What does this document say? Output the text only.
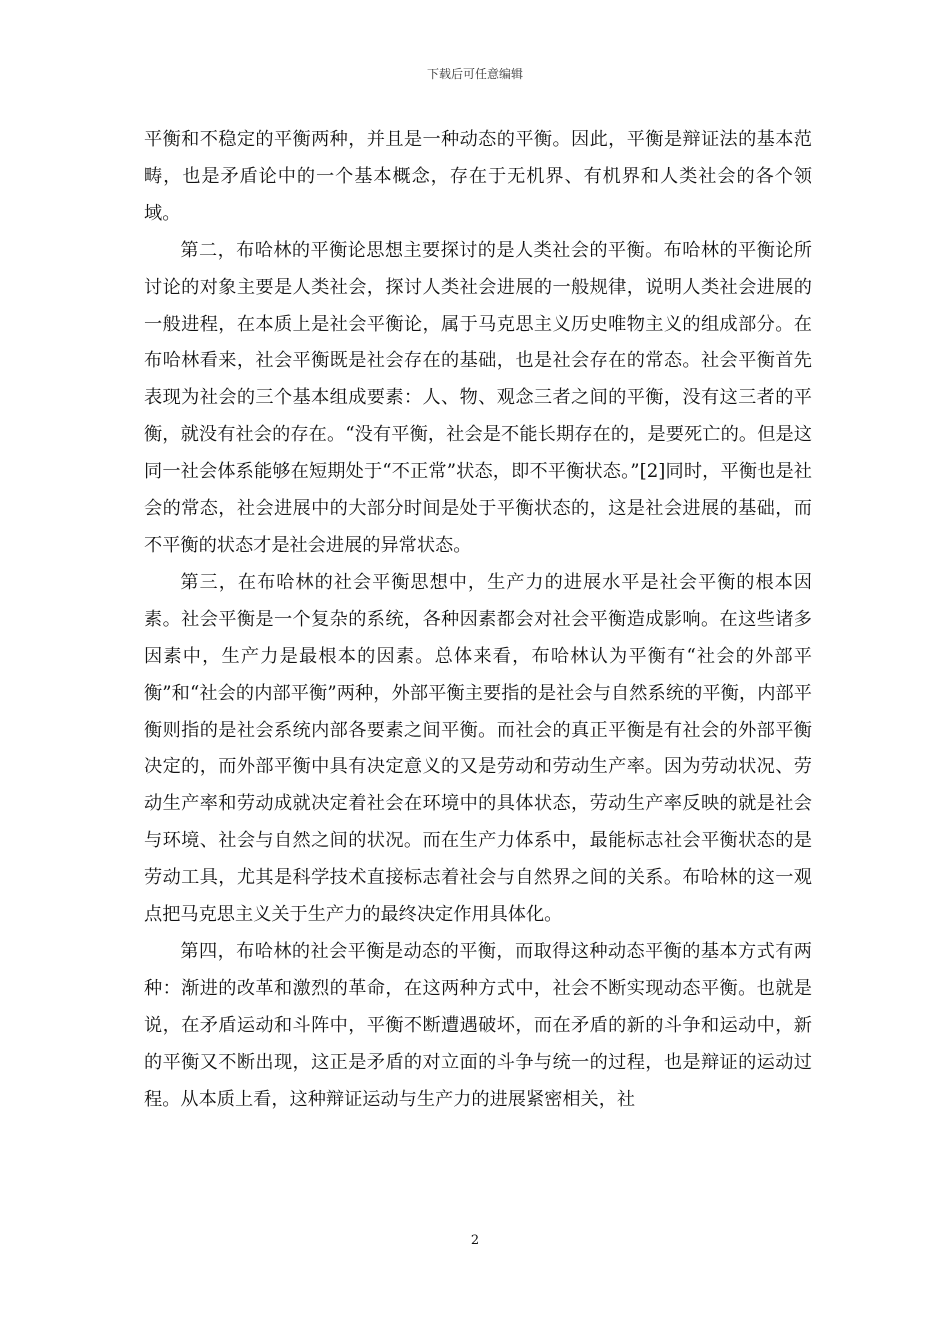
下载后可任意编辑

平衡和不稳定的平衡两种，并且是一种动态的平衡。因此，平衡是辩证法的基本范畴，也是矛盾论中的一个基本概念，存在于无机界、有机界和人类社会的各个领域。

第二，布哈林的平衡论思想主要探讨的是人类社会的平衡。布哈林的平衡论所讨论的对象主要是人类社会，探讨人类社会进展的一般规律，说明人类社会进展的一般进程，在本质上是社会平衡论，属于马克思主义历史唯物主义的组成部分。在布哈林看来，社会平衡既是社会存在的基础，也是社会存在的常态。社会平衡首先表现为社会的三个基本组成要素：人、物、观念三者之间的平衡，没有这三者的平衡，就没有社会的存在。“没有平衡，社会是不能长期存在的，是要死亡的。但是这同一社会体系能够在短期处于“不正常”状态，即不平衡状态。”[2]同时，平衡也是社会的常态，社会进展中的大部分时间是处于平衡状态的，这是社会进展的基础，而不平衡的状态才是社会进展的异常状态。

第三，在布哈林的社会平衡思想中，生产力的进展水平是社会平衡的根本因素。社会平衡是一个复杂的系统，各种因素都会对社会平衡造成影响。在这些诸多因素中，生产力是最根本的因素。总体来看，布哈林认为平衡有“社会的外部平衡”和“社会的内部平衡”两种，外部平衡主要指的是社会与自然系统的平衡，内部平衡则指的是社会系统内部各要素之间平衡。而社会的真正平衡是有社会的外部平衡决定的，而外部平衡中具有决定意义的又是劳动和劳动生产率。因为劳动状况、劳动生产率和劳动成就决定着社会在环境中的具体状态，劳动生产率反映的就是社会与环境、社会与自然之间的状况。而在生产力体系中，最能标志社会平衡状态的是劳动工具，尤其是科学技术直接标志着社会与自然界之间的关系。布哈林的这一观点把马克思主义关于生产力的最终决定作用具体化。

第四，布哈林的社会平衡是动态的平衡，而取得这种动态平衡的基本方式有两种：渐进的改革和激烈的革命，在这两种方式中，社会不断实现动态平衡。也就是说，在矛盾运动和斗阵中，平衡不断遭遇破坏，而在矛盾的新的斗争和运动中，新的平衡又不断出现，这正是矛盾的对立面的斗争与统一的过程，也是辩证的运动过程。从本质上看，这种辩证运动与生产力的进展紧密相关，社

2
